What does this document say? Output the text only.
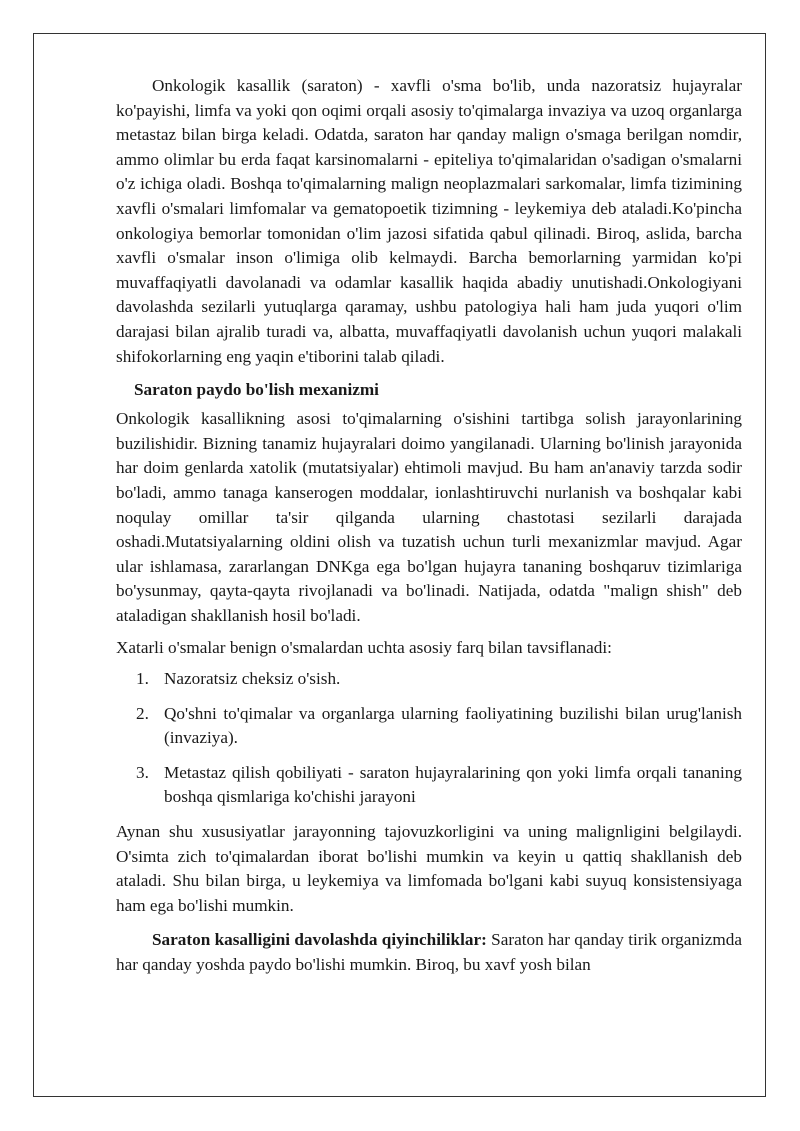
Onkologik kasallik (saraton) - xavfli o'sma bo'lib, unda nazoratsiz hujayralar ko'payishi, limfa va yoki qon oqimi orqali asosiy to'qimalarga invaziya va uzoq organlarga metastaz bilan birga keladi. Odatda, saraton har qanday malign o'smaga berilgan nomdir, ammo olimlar bu erda faqat karsinomalarni - epiteliya to'qimalaridan o'sadigan o'smalarni o'z ichiga oladi. Boshqa to'qimalarning malign neoplazmalari sarkomalar, limfa tizimining xavfli o'smalari limfomalar va gematopoetik tizimning - leykemiya deb ataladi.Ko'pincha onkologiya bemorlar tomonidan o'lim jazosi sifatida qabul qilinadi. Biroq, aslida, barcha xavfli o'smalar inson o'limiga olib kelmaydi. Barcha bemorlarning yarmidan ko'pi muvaffaqiyatli davolanadi va odamlar kasallik haqida abadiy unutishadi.Onkologiyani davolashda sezilarli yutuqlarga qaramay, ushbu patologiya hali ham juda yuqori o'lim darajasi bilan ajralib turadi va, albatta, muvaffaqiyatli davolanish uchun yuqori malakali shifokorlarning eng yaqin e'tiborini talab qiladi.

Saraton paydo bo'lish mexanizmi

Onkologik kasallikning asosi to'qimalarning o'sishini tartibga solish jarayonlarining buzilishidir. Bizning tanamiz hujayralari doimo yangilanadi. Ularning bo'linish jarayonida har doim genlarda xatolik (mutatsiyalar) ehtimoli mavjud. Bu ham an'anaviy tarzda sodir bo'ladi, ammo tanaga kanserogen moddalar, ionlashtiruvchi nurlanish va boshqalar kabi noqulay omillar ta'sir qilganda ularning chastotasi sezilarli darajada oshadi.Mutatsiyalarning oldini olish va tuzatish uchun turli mexanizmlar mavjud. Agar ular ishlamasa, zararlangan DNKga ega bo'lgan hujayra tananing boshqaruv tizimlariga bo'ysunmay, qayta-qayta rivojlanadi va bo'linadi. Natijada, odatda "malign shish" deb ataladigan shakllanish hosil bo'ladi.

Xatarli o'smalar benign o'smalardan uchta asosiy farq bilan tavsiflanadi:

1. Nazoratsiz cheksiz o'sish.
2. Qo'shni to'qimalar va organlarga ularning faoliyatining buzilishi bilan urug'lanish (invaziya).
3. Metastaz qilish qobiliyati - saraton hujayralarining qon yoki limfa orqali tananing boshqa qismlariga ko'chishi jarayoni

Aynan shu xususiyatlar jarayonning tajovuzkorligini va uning malignligini belgilaydi. O'simta zich to'qimalardan iborat bo'lishi mumkin va keyin u qattiq shakllanish deb ataladi. Shu bilan birga, u leykemiya va limfomada bo'lgani kabi suyuq konsistensiyaga ham ega bo'lishi mumkin.

Saraton kasalligini davolashda qiyinchiliklar: Saraton har qanday tirik organizmda har qanday yoshda paydo bo'lishi mumkin. Biroq, bu xavf yosh bilan
